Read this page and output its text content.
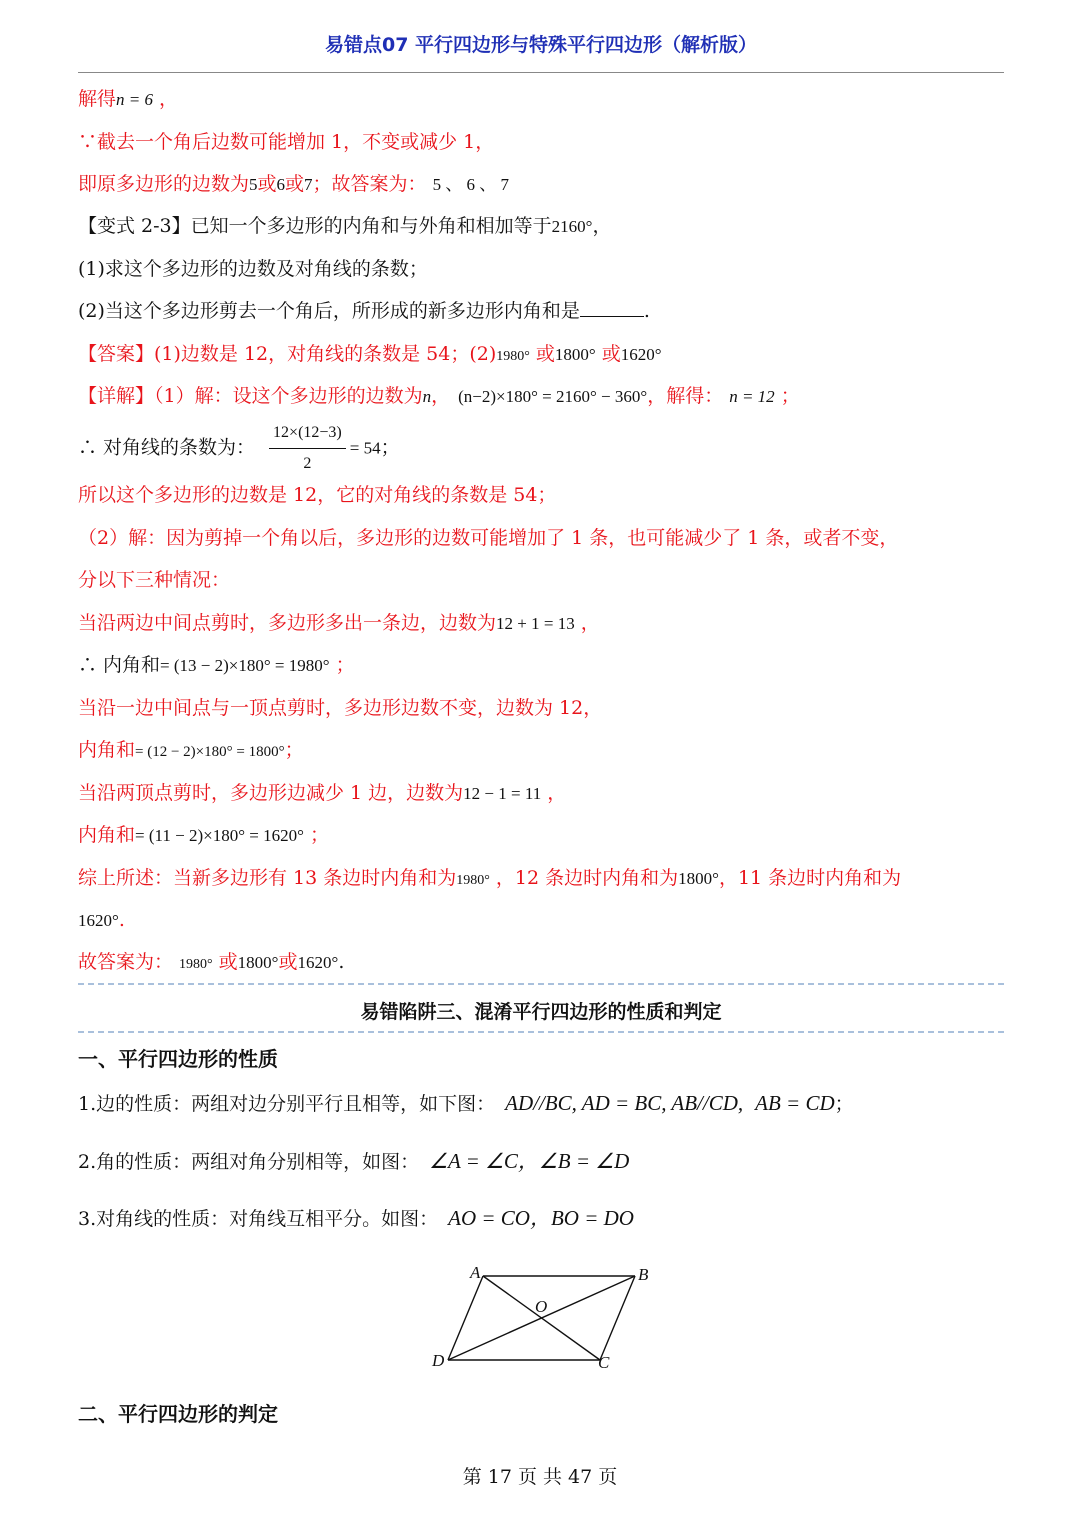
易错点07 平行四边形与特殊平行四边形（解析版）
解得n = 6 ，
∵截去一个角后边数可能增加 1，不变或减少 1，
即原多边形的边数为5或6或7；故答案为： 5 、 6 、 7
【变式 2-3】已知一个多边形的内角和与外角和相加等于2160°，
(1)求这个多边形的边数及对角线的条数；
(2)当这个多边形剪去一个角后，所形成的新多边形内角和是	.
【答案】(1)边数是 12，对角线的条数是 54；(2)1980° 或1800° 或1620°
【详解】（1）解：设这个多边形的边数为n， (n−2)×180° = 2160° − 360°，解得： n = 12 ；
∴ 对角线的条数为： $\frac{12\times(12-3)}{2} = 54$；
所以这个多边形的边数是 12，它的对角线的条数是 54；
（2）解：因为剪掉一个角以后，多边形的边数可能增加了 1 条，也可能减少了 1 条，或者不变，
分以下三种情况：
当沿两边中间点剪时，多边形多出一条边，边数为12 + 1 = 13 ，
∴ 内角和= (13 − 2)×180° = 1980° ；
当沿一边中间点与一顶点剪时，多边形边数不变，边数为 12，
内角和= (12 − 2)×180° = 1800°；
当沿两顶点剪时，多边形边减少 1 边，边数为12 − 1 = 11 ，
内角和= (11 − 2)×180° = 1620° ；
综上所述：当新多边形有 13 条边时内角和为1980° ，12 条边时内角和为1800°，11 条边时内角和为
1620°.
故答案为： 1980° 或1800°或1620°.
易错陷阱三、混淆平行四边形的性质和判定
一、平行四边形的性质
1.边的性质：两组对边分别平行且相等，如下图： AD//BC, AD = BC, AB//CD, AB = CD；
2.角的性质：两组对角分别相等，如图： ∠A = ∠C，∠B = ∠D
3.对角线的性质：对角线互相平分。如图： AO = CO，BO = DO
A	B
C
D
O
二、平行四边形的判定
第 17 页 共 47 页
